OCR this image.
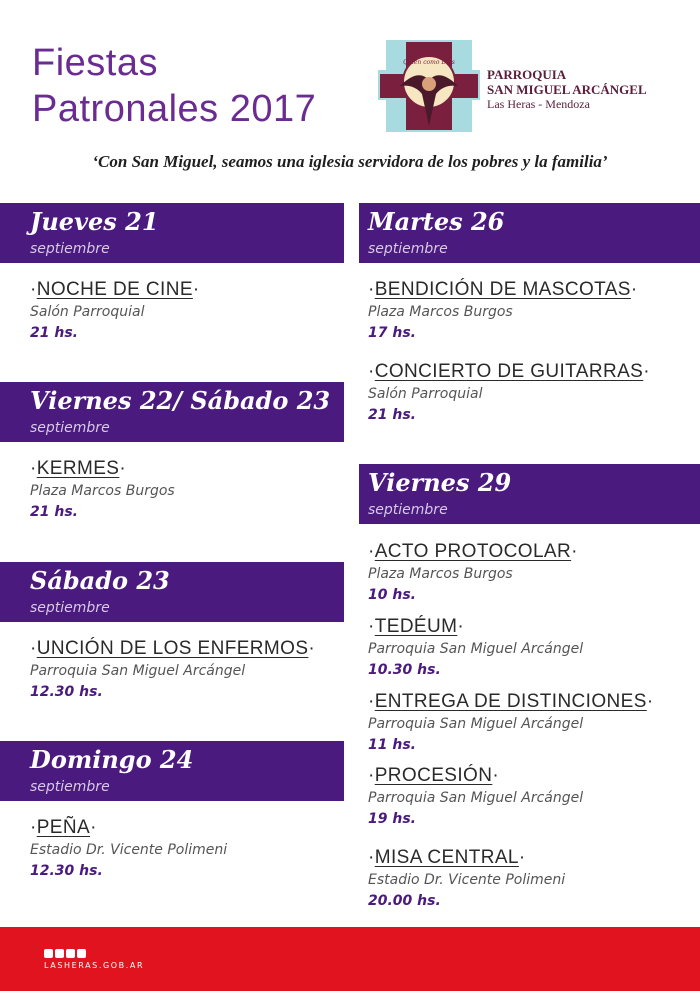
Fiestas
Patronales 2017
Quién como Dios
PARROQUIA
SAN MIGUEL ARCÁNGEL
Las Heras - Mendoza
‘Con San Miguel, seamos una iglesia servidora de los pobres y la familia’
Jueves 21
septiembre
·NOCHE DE CINE·
Salón Parroquial
21 hs.
Viernes 22/ Sábado 23
septiembre
·KERMES·
Plaza Marcos Burgos
21 hs.
Sábado 23
septiembre
·UNCIÓN DE LOS ENFERMOS·
Parroquia San Miguel Arcángel
12.30 hs.
Domingo 24
septiembre
·PEÑA·
Estadio Dr. Vicente Polimeni
12.30 hs.
Martes 26
septiembre
·BENDICIÓN DE MASCOTAS·
Plaza Marcos Burgos
17 hs.
·CONCIERTO DE GUITARRAS·
Salón Parroquial
21 hs.
Viernes 29
septiembre
·ACTO PROTOCOLAR·
Plaza Marcos Burgos
10 hs.
·TEDÉUM·
Parroquia San Miguel Arcángel
10.30 hs.
·ENTREGA DE DISTINCIONES·
Parroquia San Miguel Arcángel
11 hs.
·PROCESIÓN·
Parroquia San Miguel Arcángel
19 hs.
·MISA CENTRAL·
Estadio Dr. Vicente Polimeni
20.00 hs.
LASHERAS.GOB.AR
Las Heras
HACIENDO HISTORIAS
